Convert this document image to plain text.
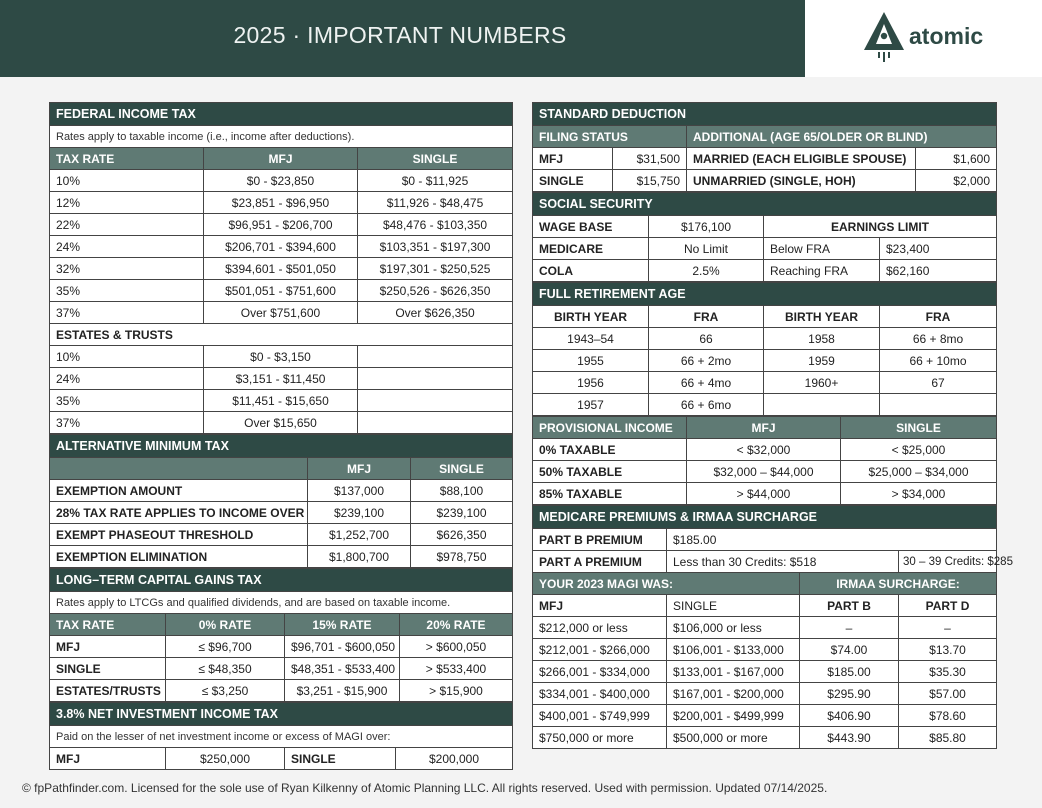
2025 · IMPORTANT NUMBERS	atomic
FEDERAL INCOME TAX		
Rates apply to taxable income (i.e., income after deductions).		
TAX RATE	MFJ	SINGLE
10%	$0 - $23,850	$0 - $11,925
12%	$23,851 - $96,950	$11,926 - $48,475
22%	$96,951 - $206,700	$48,476 - $103,350
24%	$206,701 - $394,600	$103,351 - $197,300
32%	$394,601 - $501,050	$197,301 - $250,525
35%	$501,051 - $751,600	$250,526 - $626,350
37%	Over $751,600	Over $626,350
ESTATES & TRUSTS		
10%	$0 - $3,150	
24%	$3,151 - $11,450	
35%	$11,451 - $15,650	
37%	Over $15,650	
ALTERNATIVE MINIMUM TAX		
	MFJ	SINGLE
EXEMPTION AMOUNT	$137,000	$88,100
28% TAX RATE APPLIES TO INCOME OVER	$239,100	$239,100
EXEMPT PHASEOUT THRESHOLD	$1,252,700	$626,350
EXEMPTION ELIMINATION	$1,800,700	$978,750
LONG–TERM CAPITAL GAINS TAX			
Rates apply to LTCGs and qualified dividends, and are based on taxable income.			
TAX RATE	0% RATE	15% RATE	20% RATE
MFJ	≤ $96,700	$96,701 - $600,050	> $600,050
SINGLE	≤ $48,350	$48,351 - $533,400	> $533,400
ESTATES/TRUSTS	≤ $3,250	$3,251 - $15,900	> $15,900
3.8% NET INVESTMENT INCOME TAX
Paid on the lesser of net investment income or excess of MAGI over:
MFJ	$250,000	SINGLE	$200,000
STANDARD DEDUCTION			
FILING STATUS		ADDITIONAL (AGE 65/OLDER OR BLIND)	
MFJ	$31,500	MARRIED (EACH ELIGIBLE SPOUSE)	$1,600
SINGLE	$15,750	UNMARRIED (SINGLE, HOH)	$2,000
SOCIAL SECURITY			
WAGE BASE	$176,100	EARNINGS LIMIT	
MEDICARE	No Limit	Below FRA	$23,400
COLA	2.5%	Reaching FRA	$62,160
FULL RETIREMENT AGE			
BIRTH YEAR	FRA	BIRTH YEAR	FRA
1943–54	66	1958	66 + 8mo
1955	66 + 2mo	1959	66 + 10mo
1956	66 + 4mo	1960+	67
1957	66 + 6mo		
PROVISIONAL INCOME	MFJ	SINGLE
0% TAXABLE	< $32,000	< $25,000
50% TAXABLE	$32,000 – $44,000	$25,000 – $34,000
85% TAXABLE	> $44,000	> $34,000
MEDICARE PREMIUMS & IRMAA SURCHARGE			
PART B PREMIUM	$185.00		
PART A PREMIUM	Less than 30 Credits: $518		30 – 39 Credits: $285
YOUR 2023 MAGI WAS:		IRMAA SURCHARGE:	
MFJ	SINGLE	PART B	PART D
$212,000 or less	$106,000 or less	–	–
$212,001 - $266,000	$106,001 - $133,000	$74.00	$13.70
$266,001 - $334,000	$133,001 - $167,000	$185.00	$35.30
$334,001 - $400,000	$167,001 - $200,000	$295.90	$57.00
$400,001 - $749,999	$200,001 - $499,999	$406.90	$78.60
$750,000 or more	$500,000 or more	$443.90	$85.80
© fpPathfinder.com. Licensed for the sole use of Ryan Kilkenny of Atomic Planning LLC. All rights reserved. Used with permission. Updated 07/14/2025.
